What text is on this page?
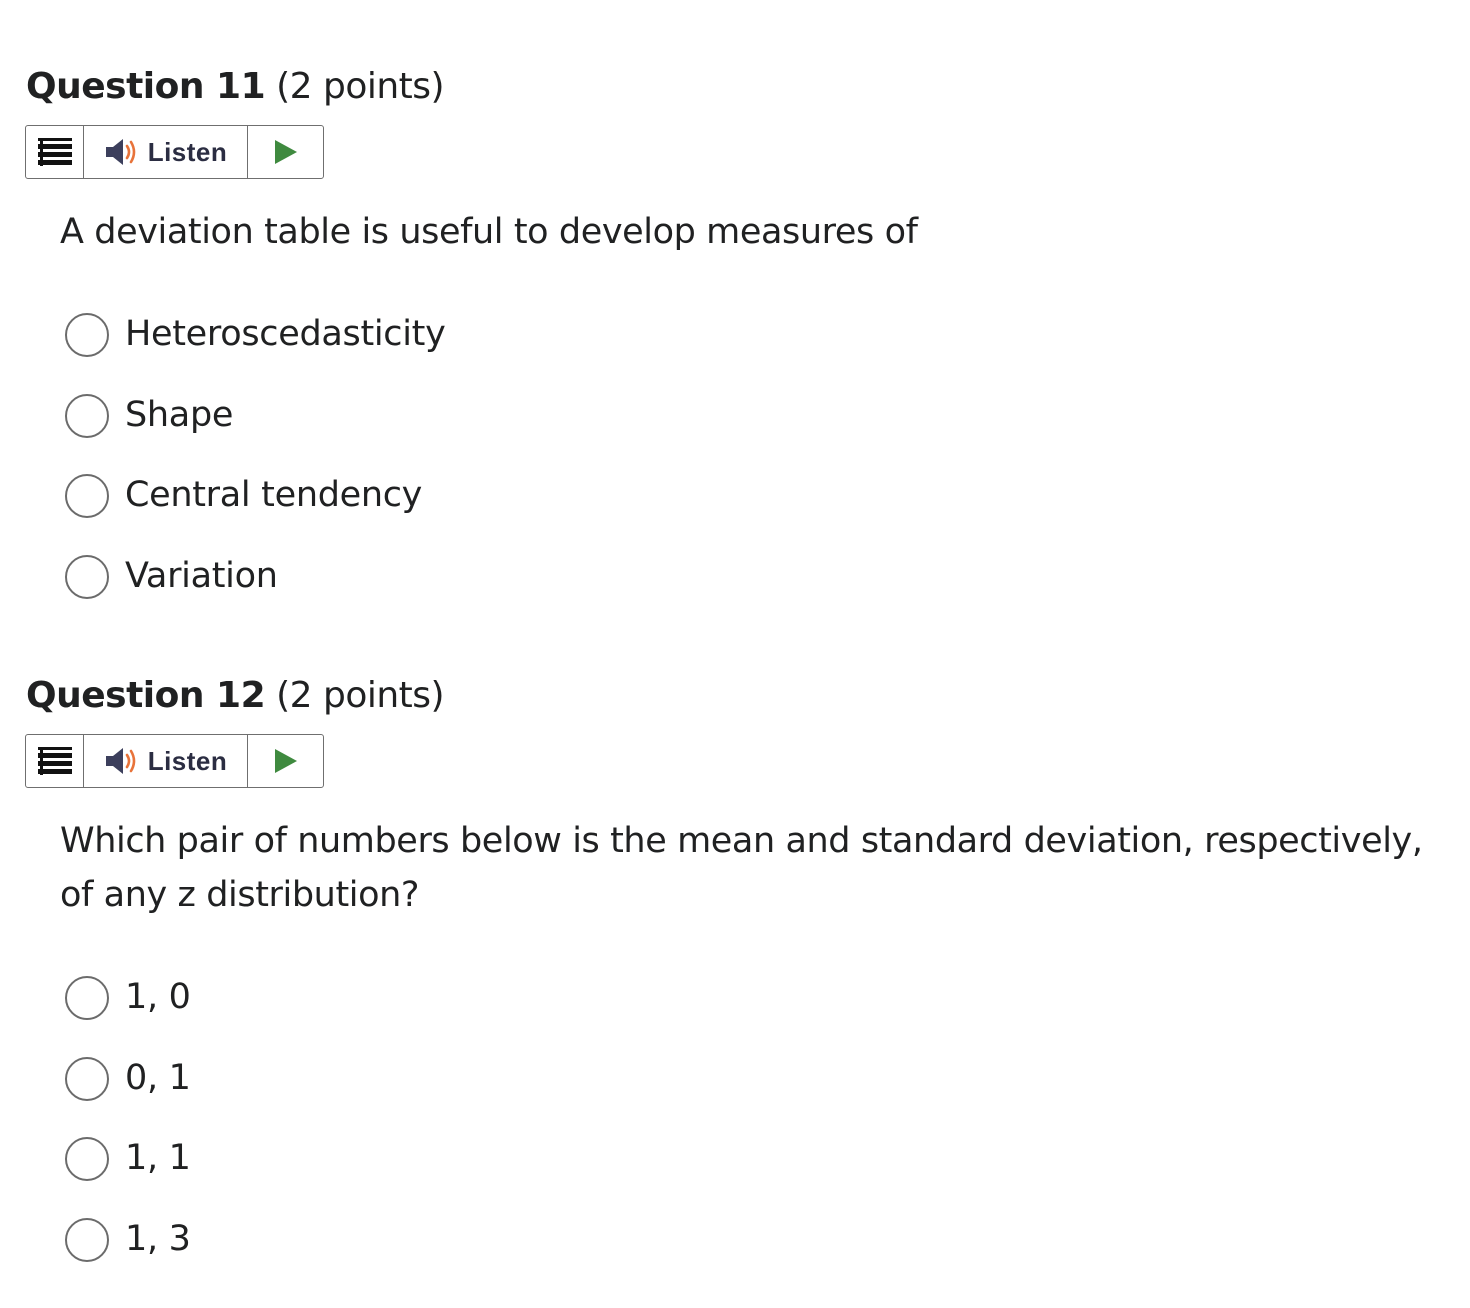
Question 11 (2 points)
Listen

A deviation table is useful to develop measures of

Heteroscedasticity
Shape
Central tendency
Variation
Question 12 (2 points)
Listen

Which pair of numbers below is the mean and standard deviation, respectively, of any z distribution?

1, 0
0, 1
1, 1
1, 3
